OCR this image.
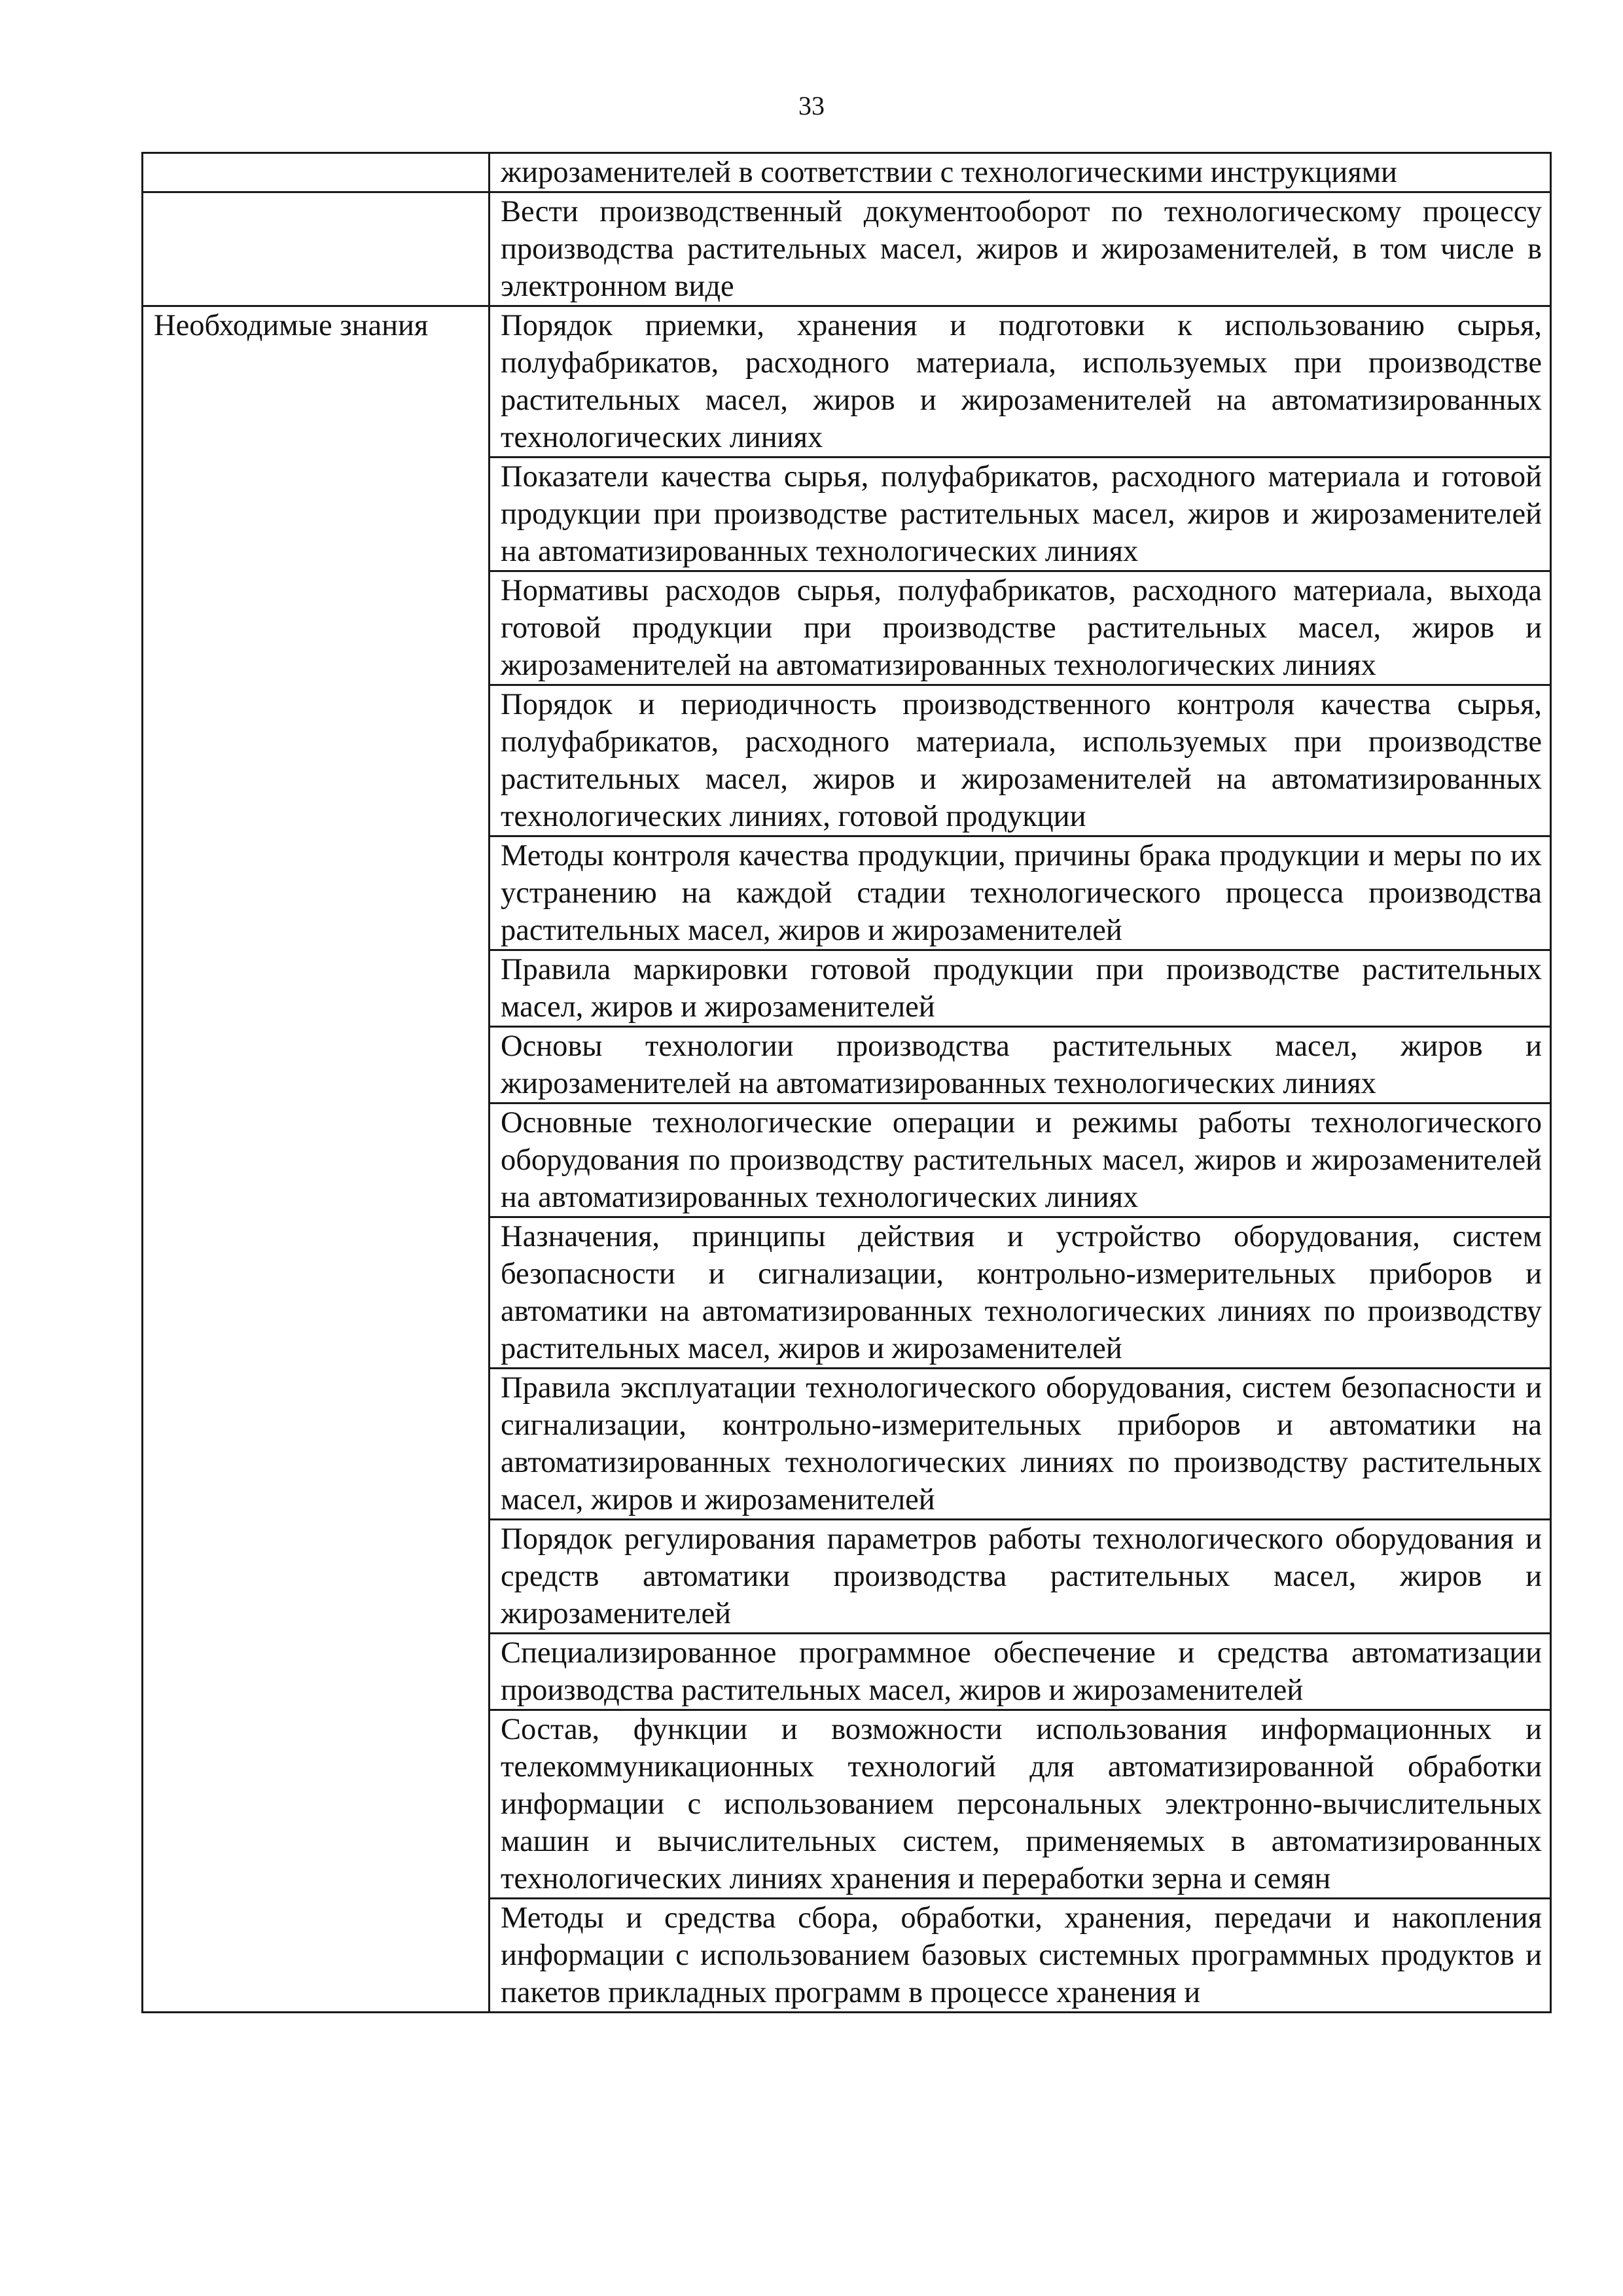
33
	жирозаменителей в соответствии с технологическими инструкциями
	Вести производственный документооборот по технологическому процессу производства растительных масел, жиров и жирозаменителей, в том числе в электронном виде
Необходимые знания	Порядок приемки, хранения и подготовки к использованию сырья, полуфабрикатов, расходного материала, используемых при производстве растительных масел, жиров и жирозаменителей на автоматизированных технологических линиях
	Показатели качества сырья, полуфабрикатов, расходного материала и готовой продукции при производстве растительных масел, жиров и жирозаменителей на автоматизированных технологических линиях
	Нормативы расходов сырья, полуфабрикатов, расходного материала, выхода готовой продукции при производстве растительных масел, жиров и жирозаменителей на автоматизированных технологических линиях
	Порядок и периодичность производственного контроля качества сырья, полуфабрикатов, расходного материала, используемых при производстве растительных масел, жиров и жирозаменителей на автоматизированных технологических линиях, готовой продукции
	Методы контроля качества продукции, причины брака продукции и меры по их устранению на каждой стадии технологического процесса производства растительных масел, жиров и жирозаменителей
	Правила маркировки готовой продукции при производстве растительных масел, жиров и жирозаменителей
	Основы технологии производства растительных масел, жиров и жирозаменителей на автоматизированных технологических линиях
	Основные технологические операции и режимы работы технологического оборудования по производству растительных масел, жиров и жирозаменителей на автоматизированных технологических линиях
	Назначения, принципы действия и устройство оборудования, систем безопасности и сигнализации, контрольно-измерительных приборов и автоматики на автоматизированных технологических линиях по производству растительных масел, жиров и жирозаменителей
	Правила эксплуатации технологического оборудования, систем безопасности и сигнализации, контрольно-измерительных приборов и автоматики на автоматизированных технологических линиях по производству растительных масел, жиров и жирозаменителей
	Порядок регулирования параметров работы технологического оборудования и средств автоматики производства растительных масел, жиров и жирозаменителей
	Специализированное программное обеспечение и средства автоматизации производства растительных масел, жиров и жирозаменителей
	Состав, функции и возможности использования информационных и телекоммуникационных технологий для автоматизированной обработки информации с использованием персональных электронно-вычислительных машин и вычислительных систем, применяемых в автоматизированных технологических линиях хранения и переработки зерна и семян
	Методы и средства сбора, обработки, хранения, передачи и накопления информации с использованием базовых системных программных продуктов и пакетов прикладных программ в процессе хранения и
